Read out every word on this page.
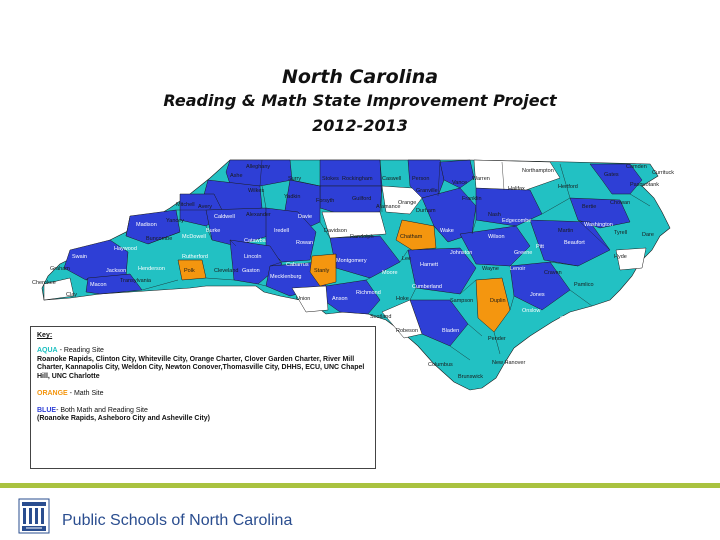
North Carolina
Reading & Math State Improvement Project
2012-2013
Alleghany
Ashe	Surry	Stokes Rockingham Caswell Person
Granville
Vance
Warren
Northampton
Halifax
Gates
Camden
Currituck
Pasquotank
Hertford
Chowan
Bertie
Wilkes
Yadkin
Forsyth	Guilford
Alamance
Orange
Durham
Franklin
Nash
Edgecombe
Martin
Washington
Tyrell	Dare
Mitchell Avery
Yancey
Madison
Caldwell Alexander
Iredell
Davie
Davidson
Randolph	Chatham
Wake
Wilson
Pitt
Beaufort
Hyde
McDowell
Burke
Catawba	Rowan
Buncombe
Haywood
Swain
Graham	Jackson
Macon
Cherokee
Clay
Transylvania
Henderson	Polk
Rutherford
Cleveland
Lincoln
Gaston
Cabarrus
Mecklenburg
Union
Stanly
Montgomery
Anson
Richmond
Moore
Lee
Harnett
Johnston
Wayne
Greene
Lenoir
Craven
Pamlico
Jones
Carteret
Onslow
Duplin
Sampson
Cumberland
Hoke
Scotland
Robeson	Bladen
Columbus
Pender
Brunswick
New Hanover
Key:
AQUA - Reading Site
Roanoke Rapids, Clinton City, Whiteville City, Orange Charter, Clover Garden Charter, River Mill Charter, Kannapolis City, Weldon City, Newton Conover,Thomasville City, DHHS, ECU, UNC Chapel Hill, UNC Charlotte
ORANGE - Math Site
BLUE- Both Math and Reading Site
(Roanoke Rapids, Asheboro City and Asheville City)
Public Schools of North Carolina
